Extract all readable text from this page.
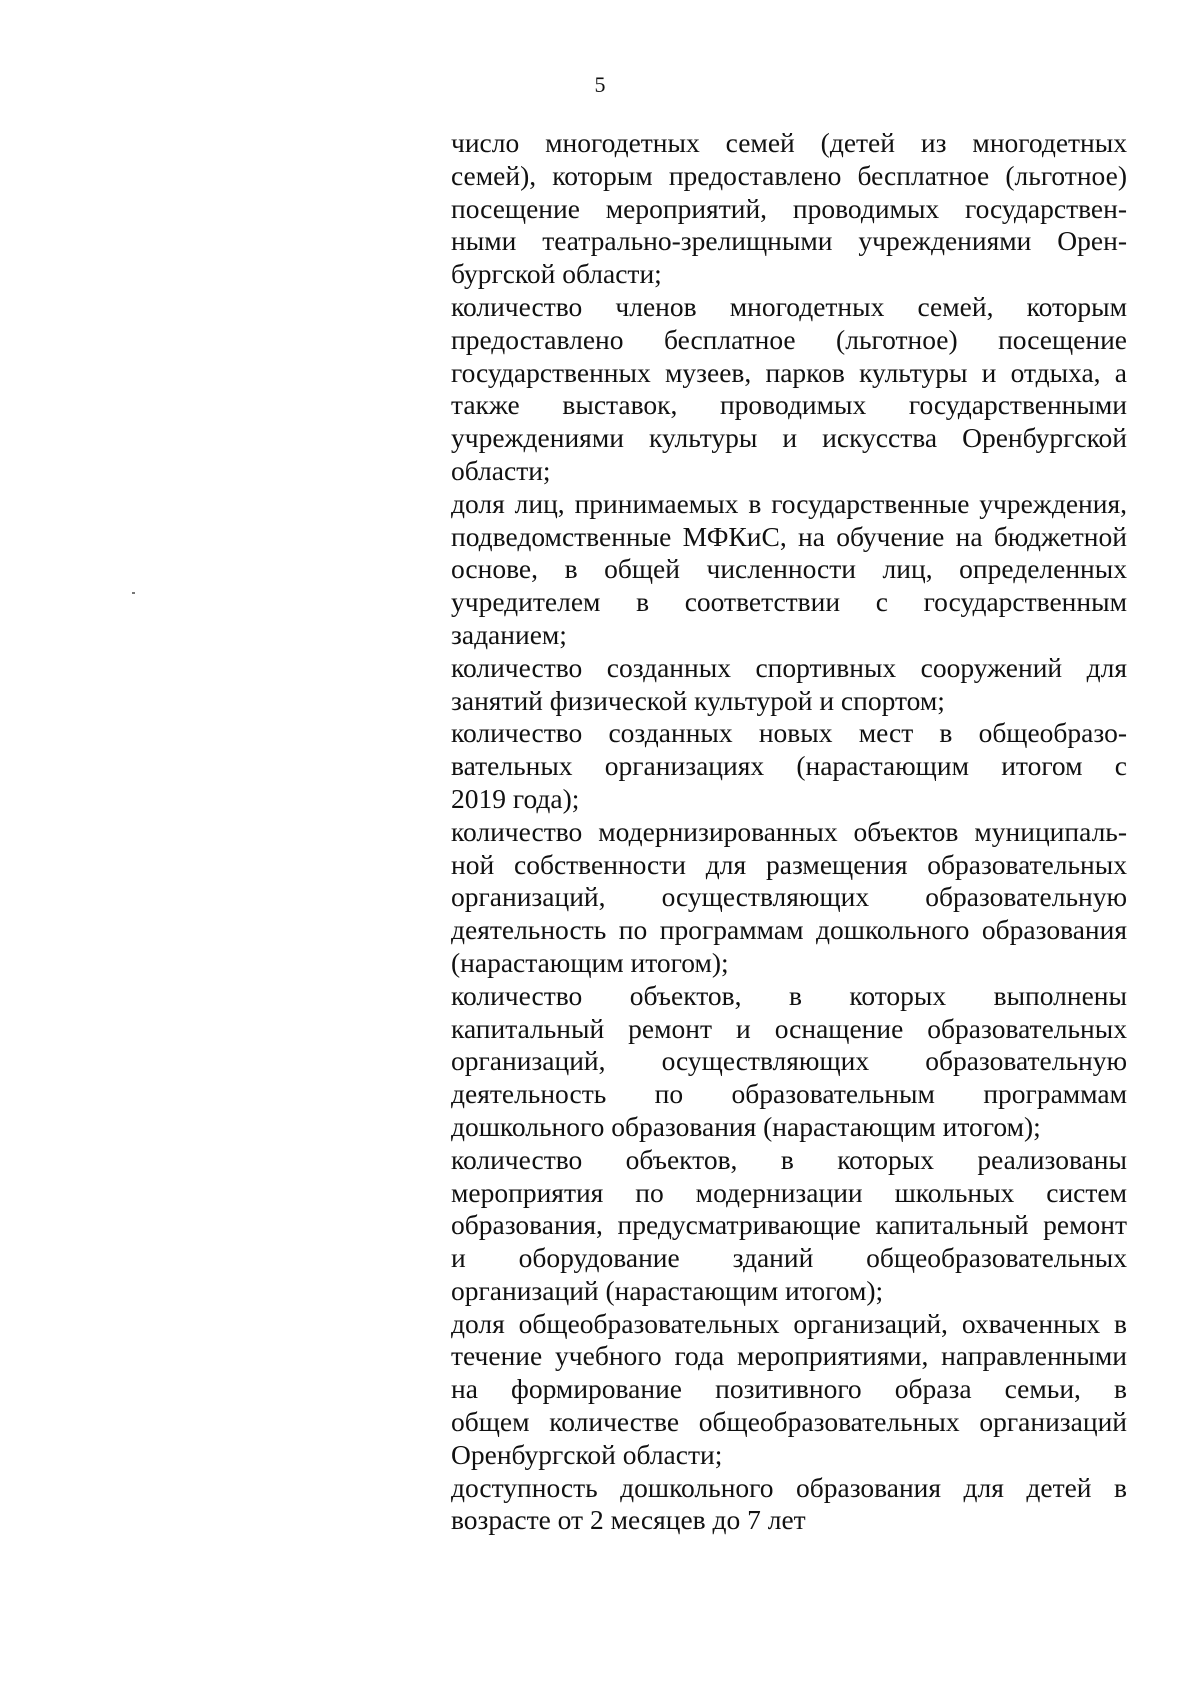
5
число многодетных семей (детей из многодетных
семей), которым предоставлено бесплатное (льготное)
посещение мероприятий, проводимых государствен-
ными театрально-зрелищными учреждениями Орен-
бургской области;
количество членов многодетных семей, которым
предоставлено бесплатное (льготное) посещение
государственных музеев, парков культуры и отдыха, а
также выставок, проводимых государственными
учреждениями культуры и искусства Оренбургской
области;
доля лиц, принимаемых в государственные учреждения,
подведомственные МФКиС, на обучение на бюджетной
основе, в общей численности лиц, определенных
учредителем в соответствии с государственным
заданием;
количество созданных спортивных сооружений для
занятий физической культурой и спортом;
количество созданных новых мест в общеобразо-
вательных организациях (нарастающим итогом с
2019 года);
количество модернизированных объектов муниципаль-
ной собственности для размещения образовательных
организаций, осуществляющих образовательную
деятельность по программам дошкольного образования
(нарастающим итогом);
количество объектов, в которых выполнены
капитальный ремонт и оснащение образовательных
организаций, осуществляющих образовательную
деятельность по образовательным программам
дошкольного образования (нарастающим итогом);
количество объектов, в которых реализованы
мероприятия по модернизации школьных систем
образования, предусматривающие капитальный ремонт
и оборудование зданий общеобразовательных
организаций (нарастающим итогом);
доля общеобразовательных организаций, охваченных в
течение учебного года мероприятиями, направленными
на формирование позитивного образа семьи, в
общем количестве общеобразовательных организаций
Оренбургской области;
доступность дошкольного образования для детей в
возрасте от 2 месяцев до 7 лет
